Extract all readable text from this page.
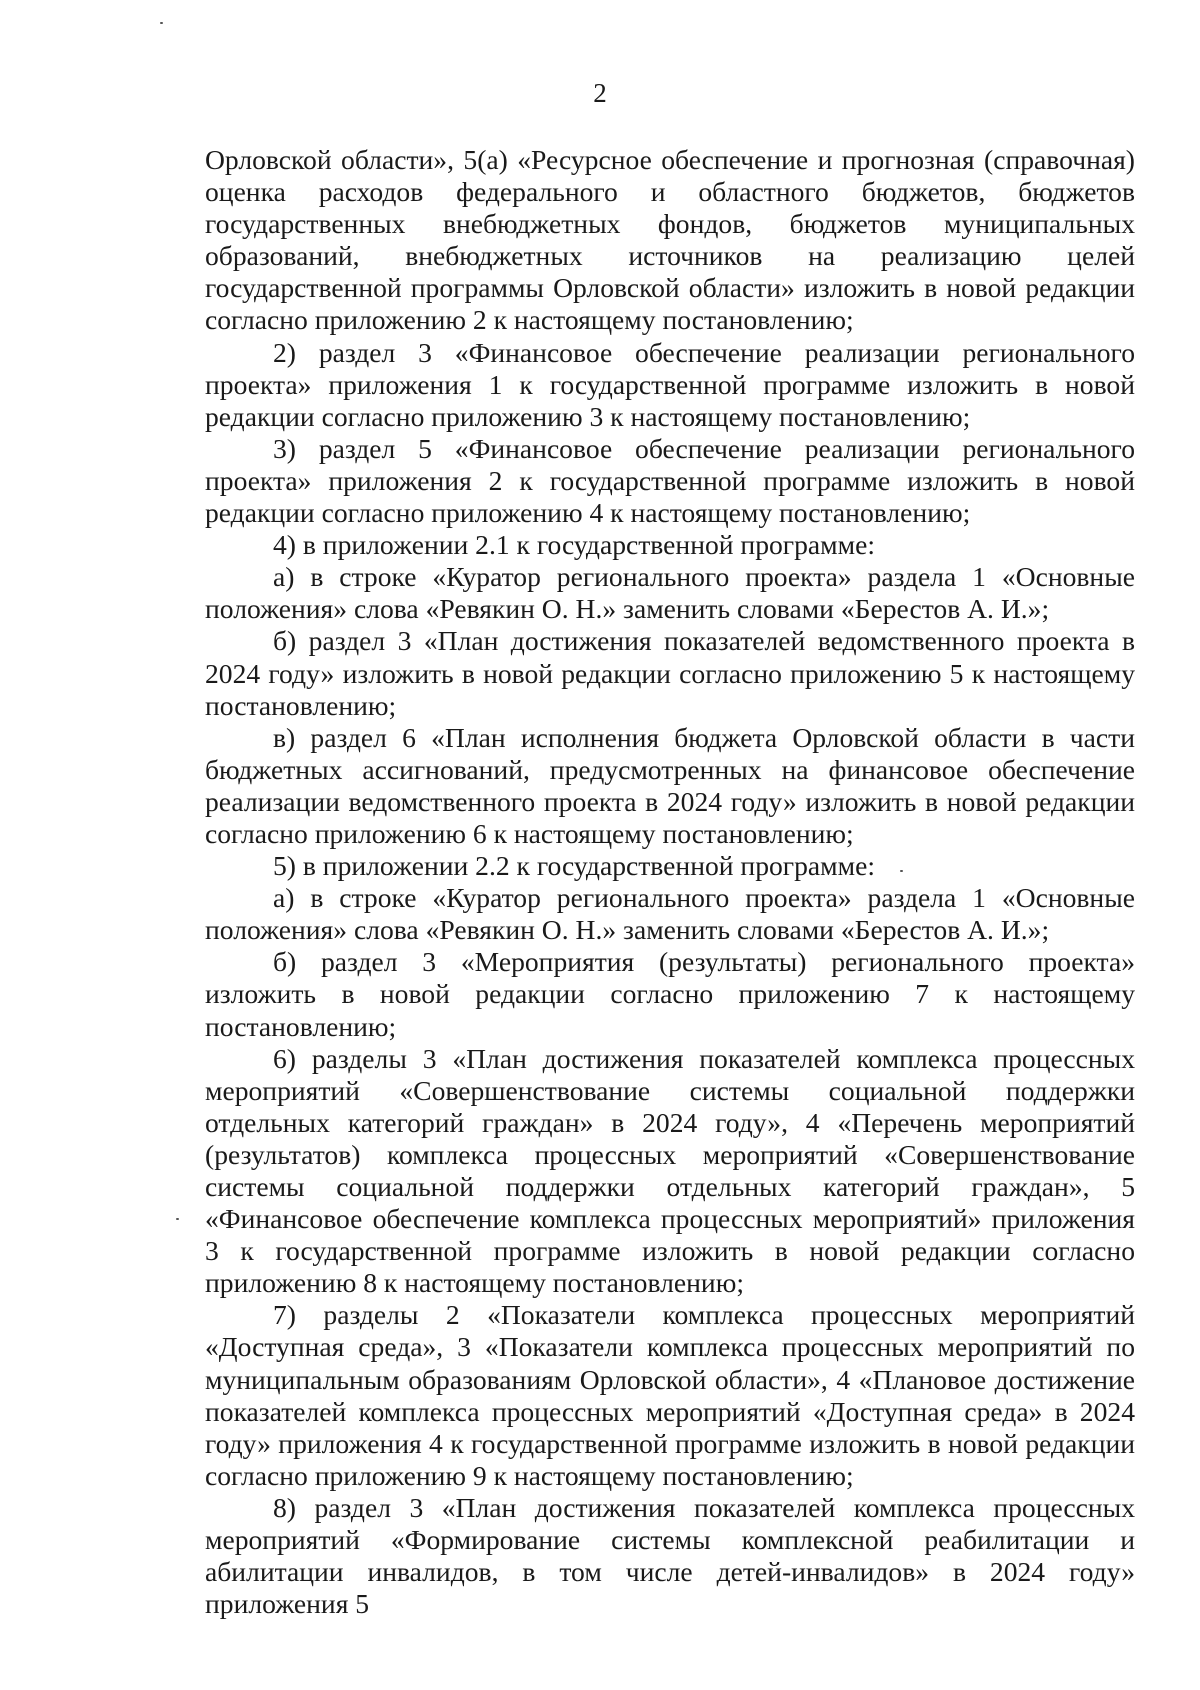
2

Орловской области», 5(а) «Ресурсное обеспечение и прогнозная (справочная) оценка расходов федерального и областного бюджетов, бюджетов государственных внебюджетных фондов, бюджетов муниципальных образований, внебюджетных источников на реализацию целей государственной программы Орловской области» изложить в новой редакции согласно приложению 2 к настоящему постановлению;

2) раздел 3 «Финансовое обеспечение реализации регионального проекта» приложения 1 к государственной программе изложить в новой редакции согласно приложению 3 к настоящему постановлению;

3) раздел 5 «Финансовое обеспечение реализации регионального проекта» приложения 2 к государственной программе изложить в новой редакции согласно приложению 4 к настоящему постановлению;

4) в приложении 2.1 к государственной программе:

а) в строке «Куратор регионального проекта» раздела 1 «Основные положения» слова «Ревякин О. Н.» заменить словами «Берестов А. И.»;

б) раздел 3 «План достижения показателей ведомственного проекта в 2024 году» изложить в новой редакции согласно приложению 5 к настоящему постановлению;

в) раздел 6 «План исполнения бюджета Орловской области в части бюджетных ассигнований, предусмотренных на финансовое обеспечение реализации ведомственного проекта в 2024 году» изложить в новой редакции согласно приложению 6 к настоящему постановлению;

5) в приложении 2.2 к государственной программе:

а) в строке «Куратор регионального проекта» раздела 1 «Основные положения» слова «Ревякин О. Н.» заменить словами «Берестов А. И.»;

б) раздел 3 «Мероприятия (результаты) регионального проекта» изложить в новой редакции согласно приложению 7 к настоящему постановлению;

6) разделы 3 «План достижения показателей комплекса процессных мероприятий «Совершенствование системы социальной поддержки отдельных категорий граждан» в 2024 году», 4 «Перечень мероприятий (результатов) комплекса процессных мероприятий «Совершенствование системы социальной поддержки отдельных категорий граждан», 5 «Финансовое обеспечение комплекса процессных мероприятий» приложения 3 к государственной программе изложить в новой редакции согласно приложению 8 к настоящему постановлению;

7) разделы 2 «Показатели комплекса процессных мероприятий «Доступная среда», 3 «Показатели комплекса процессных мероприятий по муниципальным образованиям Орловской области», 4 «Плановое достижение показателей комплекса процессных мероприятий «Доступная среда» в 2024 году» приложения 4 к государственной программе изложить в новой редакции согласно приложению 9 к настоящему постановлению;

8) раздел 3 «План достижения показателей комплекса процессных мероприятий «Формирование системы комплексной реабилитации и абилитации инвалидов, в том числе детей-инвалидов» в 2024 году» приложения 5
